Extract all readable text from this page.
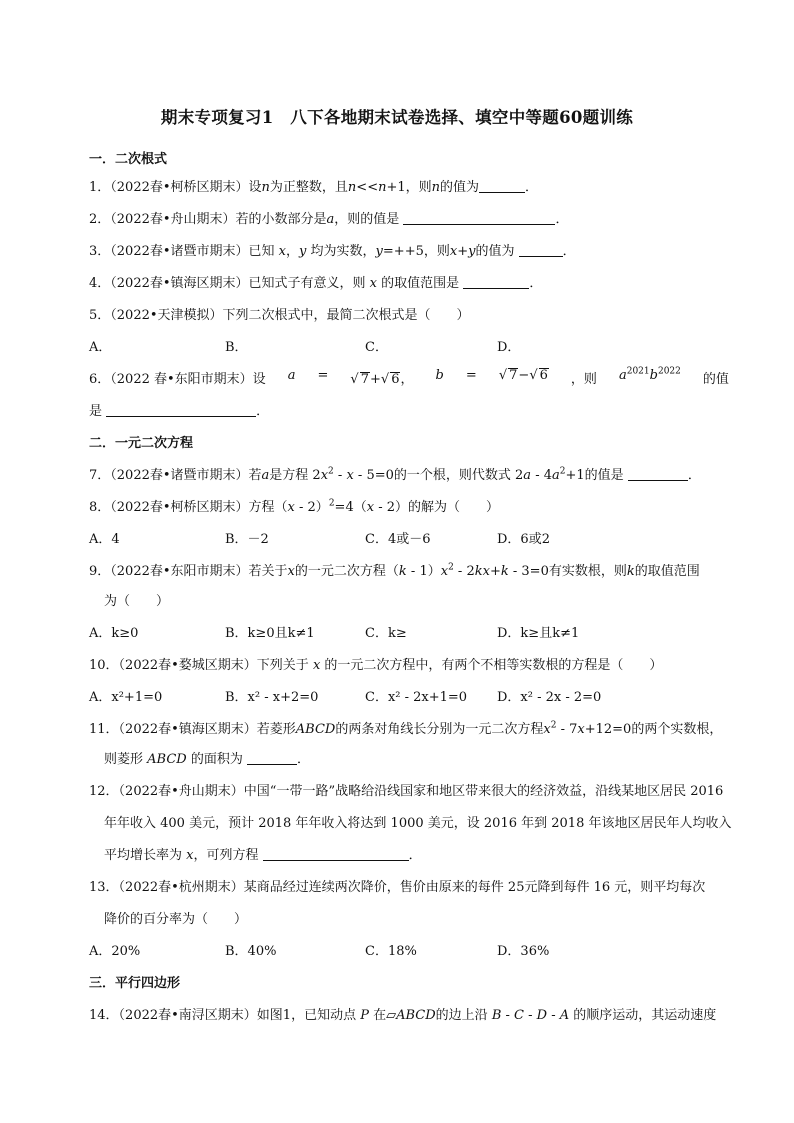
期末专项复习1　八下各地期末试卷选择、填空中等题60题训练
一．二次根式
1．（2022春•柯桥区期末）设n为正整数，且n<<n+1，则n的值为	．
2．（2022春•舟山期末）若的小数部分是a，则的值是	．
3．（2022春•诸暨市期末）已知 x，y 均为实数，y=++5，则x+y的值为	．
4．（2022春•镇海区期末）已知式子有意义，则 x 的取值范围是	．
5．（2022•天津模拟）下列二次根式中，最简二次根式是（　　）
A．	B．	C．	D．
6．（2022 春•东阳市期末）设 a = √ 7+√ 6， b = √ 7−√ 6 ，则 $a^{2021}b^{2022}$
的值
是	．
二．一元二次方程
7．（2022春•诸暨市期末）若a是方程 $2x^2 - x - 5=0$的一个根，则代数式 $2a - 4a^2+1$的值是	．
8．（2022春•柯桥区期末）方程（x - 2）$^2$=4（x - 2）的解为（　　）
A．4	B．－2	C．4或－6	D．6或2
9．（2022春•东阳市期末）若关于x的一元二次方程$(k - 1)x^2 - 2kx+k - 3=0$有实数根，则k的取值范围
为（　　）
A．k≥0	B．k≥0且k≠1	C．k≥	D．k≥且k≠1
10．（2022春•婺城区期末）下列关于 x 的一元二次方程中，有两个不相等实数根的方程是（　　）
A．x²+1=0	B．x² - x+2=0	C．x² - 2x+1=0 D．x² - 2x - 2=0
11．（2022春•镇海区期末）若菱形ABCD的两条对角线长分别为一元二次方程$x^2 - 7x+12=0$的两个实数根，
则菱形 ABCD 的面积为	．
12．（2022春•舟山期末）中国“一带一路”战略给沿线国家和地区带来很大的经济效益，沿线某地区居民 2016
年年收入 400 美元，预计 2018 年年收入将达到 1000 美元，设 2016 年到 2018 年该地区居民年人均收入
平均增长率为 x，可列方程	．
13．（2022春•杭州期末）某商品经过连续两次降价，售价由原来的每件 25元降到每件 16 元，则平均每次
降价的百分率为（　　）
A．20%	B．40%	C．18%	D．36%
三．平行四边形
14．（2022春•南浔区期末）如图1，已知动点 P 在▱ABCD的边上沿 B - C - D - A 的顺序运动，其运动速度
